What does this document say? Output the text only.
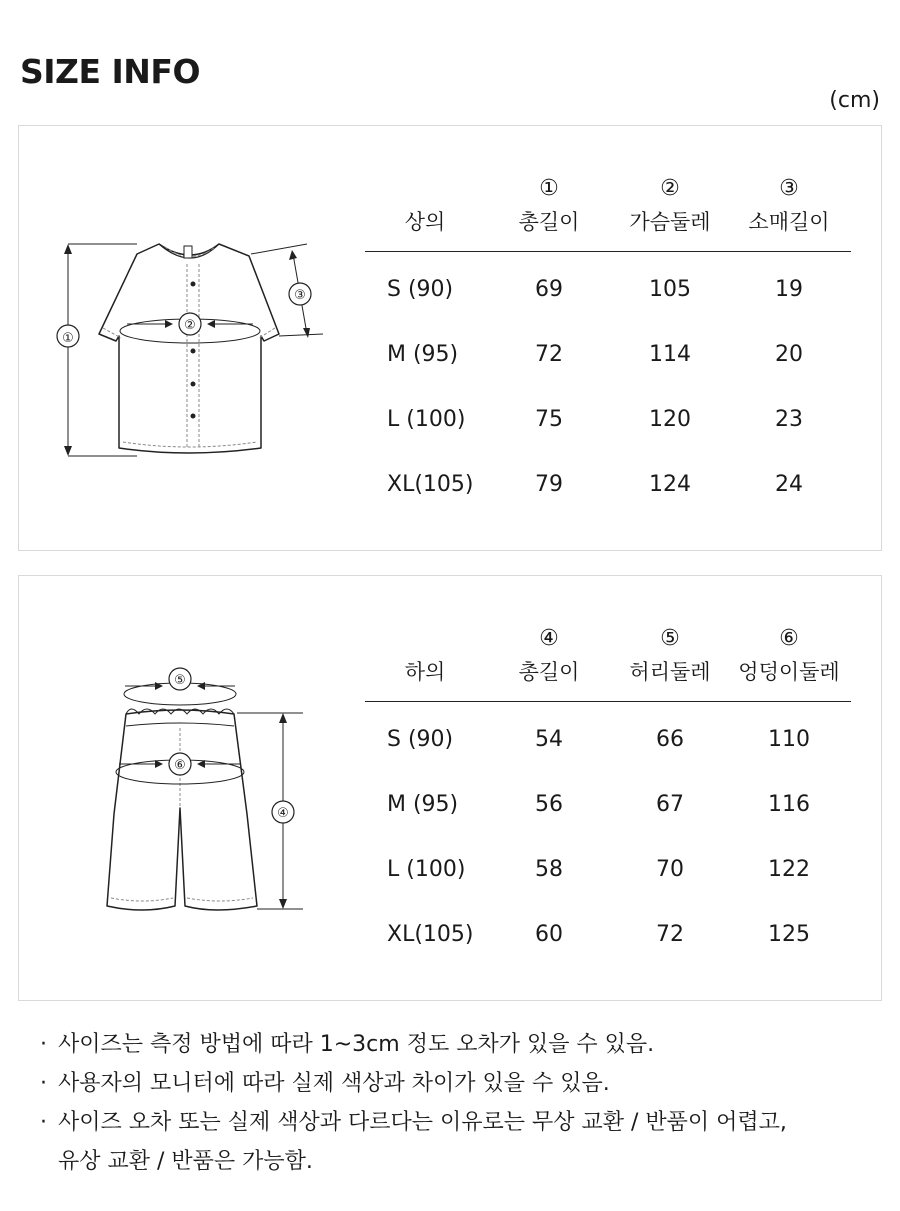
SIZE INFO
(cm)
①
②
③
①	②	③
상의	총길이	가슴둘레	소매길이
S (90)	69	105	19
M (95)	72	114	20
L (100)	75	120	23
XL(105)	79	124	24
⑤
⑥
④
④	⑤	⑥
하의	총길이	허리둘레	엉덩이둘레
S (90)	54	66	110
M (95)	56	67	116
L (100)	58	70	122
XL(105)	60	72	125
· 사이즈는 측정 방법에 따라 1~3cm 정도 오차가 있을 수 있음.
· 사용자의 모니터에 따라 실제 색상과 차이가 있을 수 있음.
· 사이즈 오차 또는 실제 색상과 다르다는 이유로는 무상 교환 / 반품이 어렵고,
유상 교환 / 반품은 가능함.
